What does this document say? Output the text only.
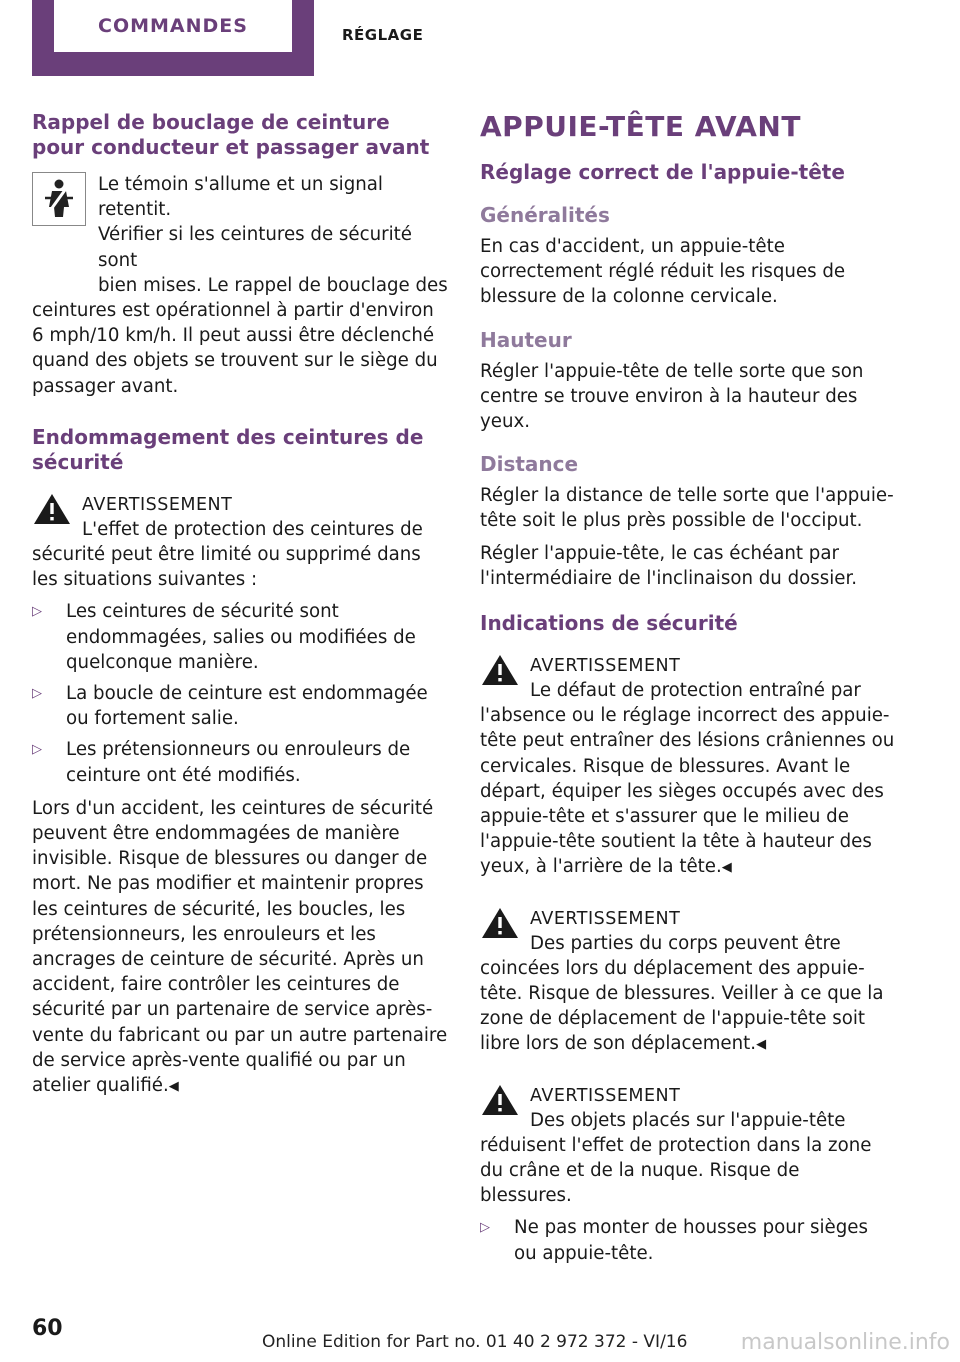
COMMANDES	RÉGLAGE
Rappel de bouclage de ceinture pour conducteur et passager avant
Le témoin s'allume et un signal retentit.
Vérifier si les ceintures de sécurité sont
bien mises. Le rappel de bouclage des

ceintures est opérationnel à partir d'environ 6 mph/10 km/h. Il peut aussi être déclenché quand des objets se trouvent sur le siège du passager avant.

Endommagement des ceintures de sécurité
AVERTISSEMENT

L'effet de protection des ceintures de sécurité peut être limité ou supprimé dans les situations suivantes :

▷	Les ceintures de sécurité sont endommagées, salies ou modifiées de quelconque manière.
▷	La boucle de ceinture est endommagée ou fortement salie.
▷	Les prétensionneurs ou enrouleurs de ceinture ont été modifiés.

Lors d'un accident, les ceintures de sécurité peuvent être endommagées de manière invisible. Risque de blessures ou danger de mort. Ne pas modifier et maintenir propres les ceintures de sécurité, les boucles, les prétensionneurs, les enrouleurs et les ancrages de ceinture de sécurité. Après un accident, faire contrôler les ceintures de sécurité par un partenaire de service après-vente du fabricant ou par un autre partenaire de service après-vente qualifié ou par un atelier qualifié.◀

APPUIE-TÊTE AVANT
Réglage correct de l'appuie-tête
Généralités

En cas d'accident, un appuie-tête correctement réglé réduit les risques de blessure de la colonne cervicale.

Hauteur

Régler l'appuie-tête de telle sorte que son centre se trouve environ à la hauteur des yeux.

Distance

Régler la distance de telle sorte que l'appuie-tête soit le plus près possible de l'occiput.

Régler l'appuie-tête, le cas échéant par l'intermédiaire de l'inclinaison du dossier.

Indications de sécurité
AVERTISSEMENT

Le défaut de protection entraîné par l'absence ou le réglage incorrect des appuie-tête peut entraîner des lésions crâniennes ou cervicales. Risque de blessures. Avant le départ, équiper les sièges occupés avec des appuie-tête et s'assurer que le milieu de l'appuie-tête soutient la tête à hauteur des yeux, à l'arrière de la tête.◀

AVERTISSEMENT

Des parties du corps peuvent être coincées lors du déplacement des appuie-tête. Risque de blessures. Veiller à ce que la zone de déplacement de l'appuie-tête soit libre lors de son déplacement.◀

AVERTISSEMENT

Des objets placés sur l'appuie-tête réduisent l'effet de protection dans la zone du crâne et de la nuque. Risque de blessures.

▷	Ne pas monter de housses pour sièges ou appuie-tête.
60
Online Edition for Part no. 01 40 2 972 372 - VI/16 manualsonline.info
